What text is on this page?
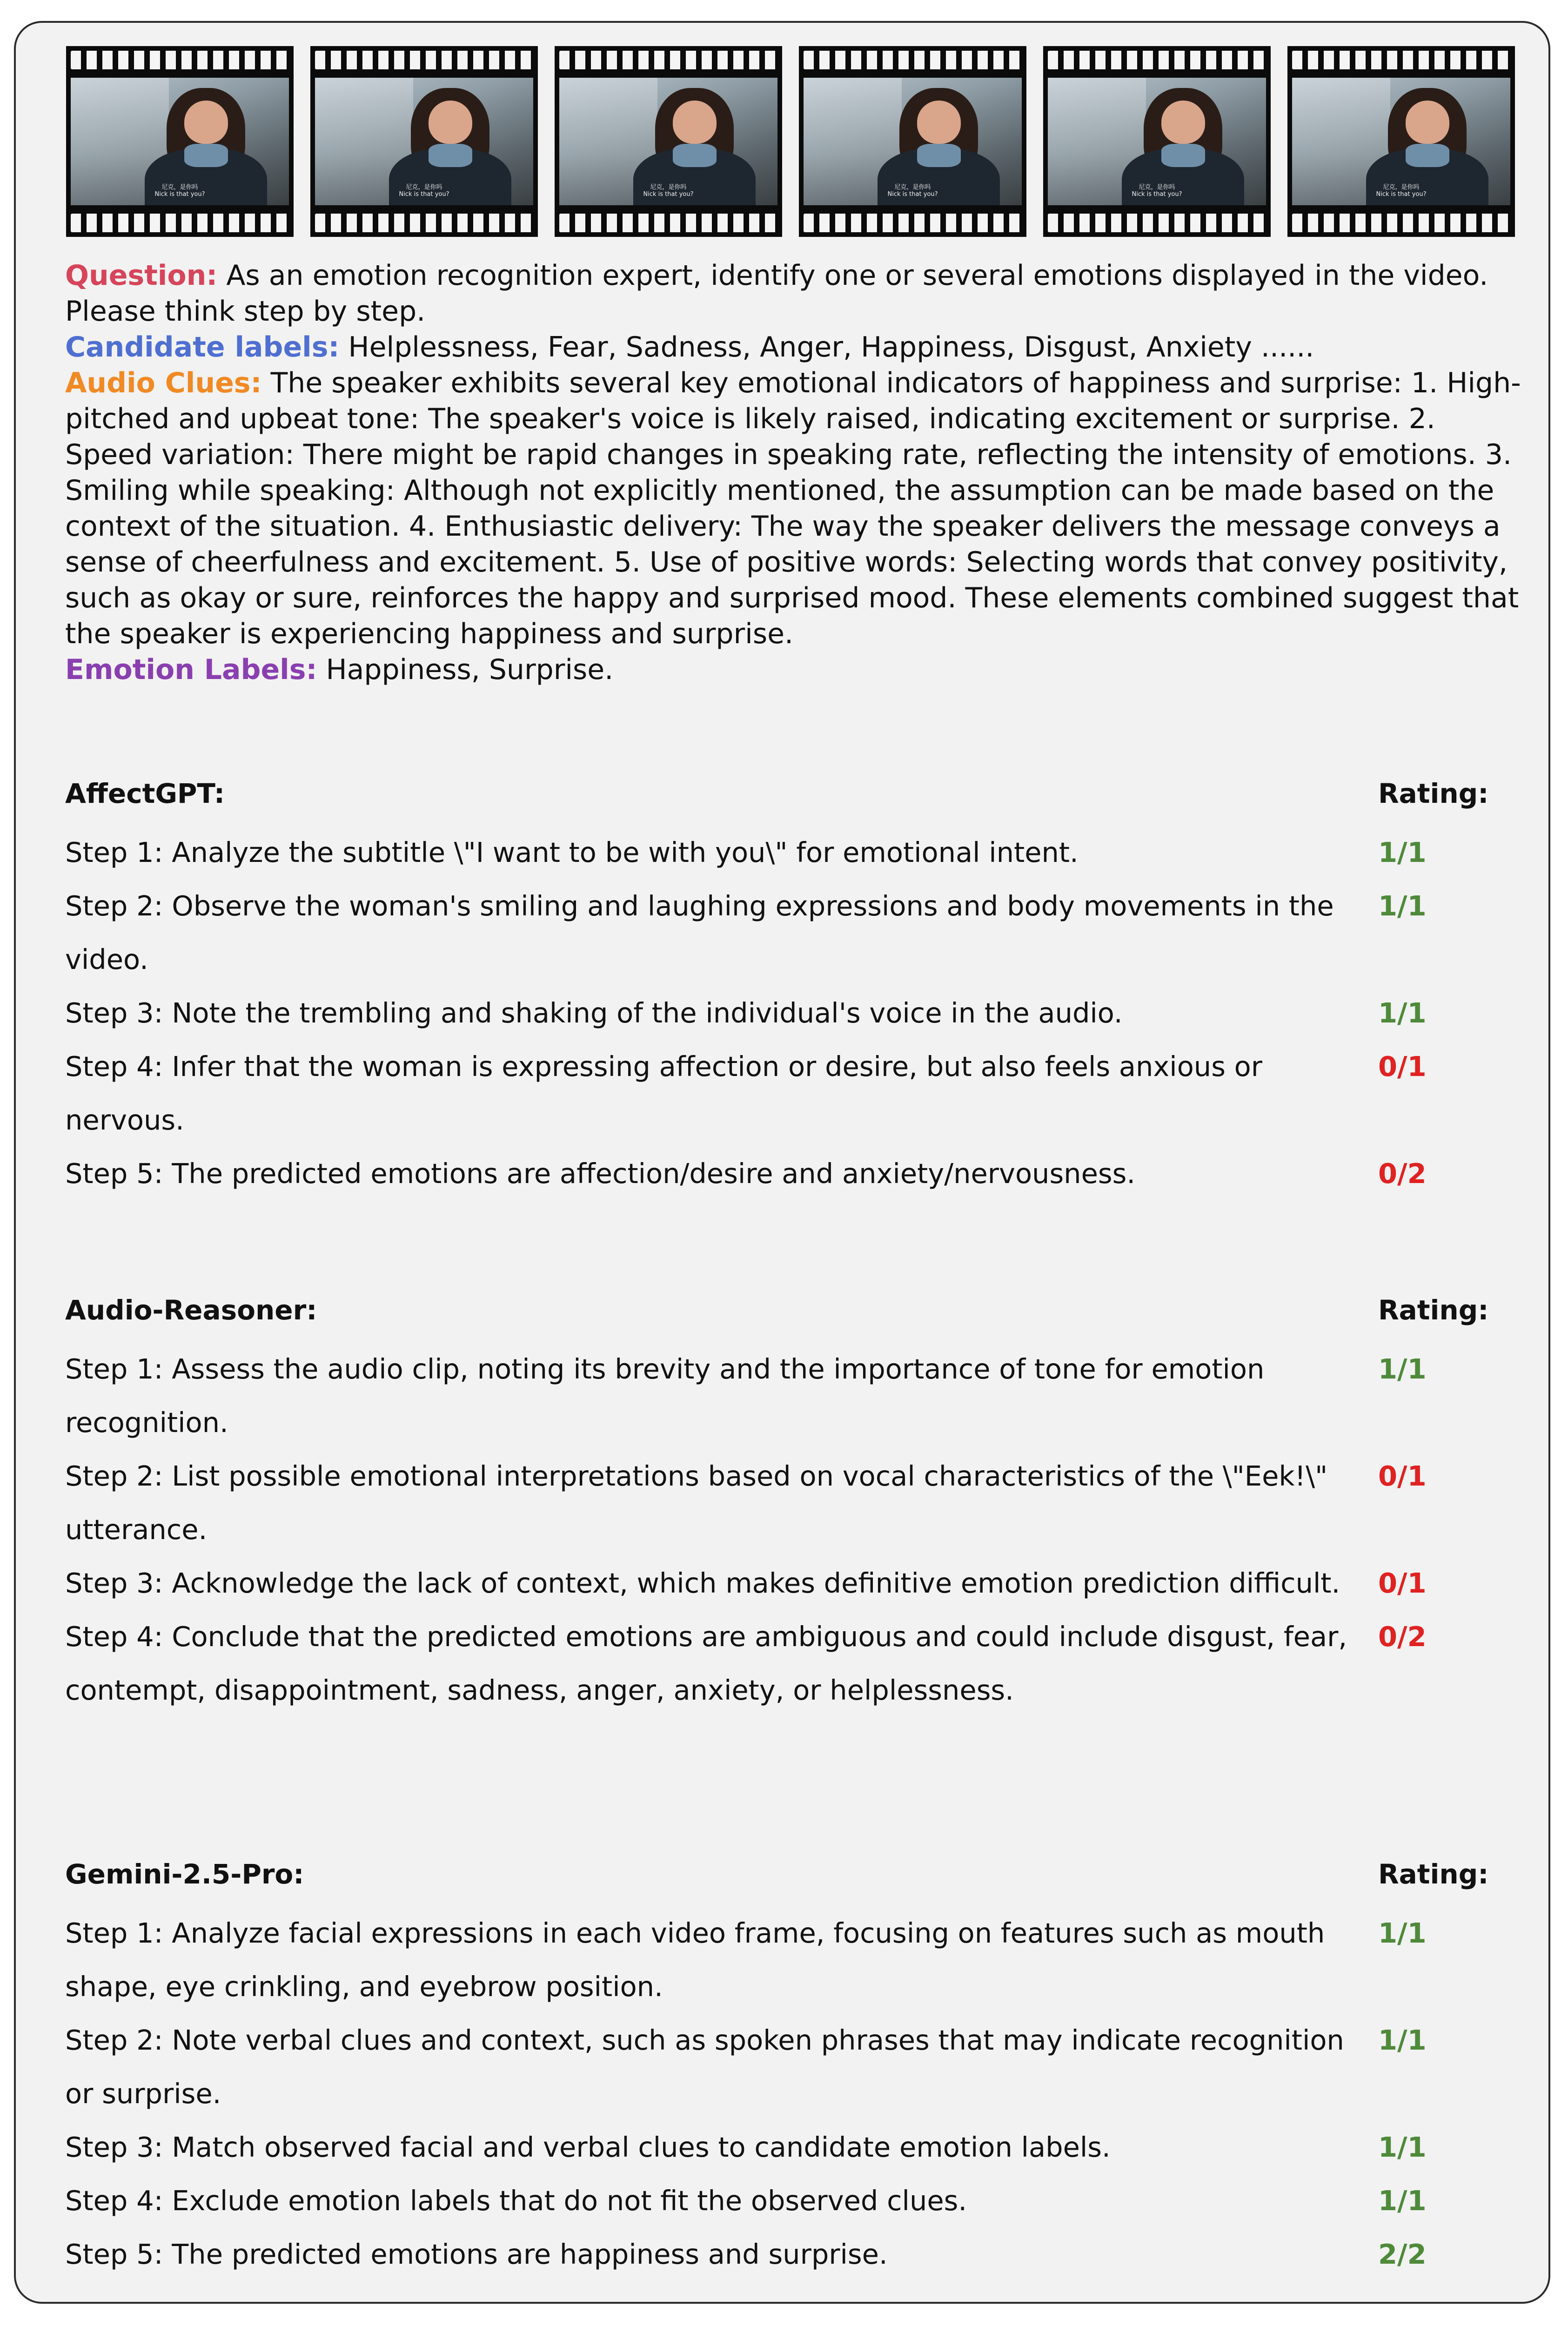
尼克，是你吗
Nick is that you?
尼克，是你吗
Nick is that you?
尼克，是你吗
Nick is that you?
尼克，是你吗
Nick is that you?
尼克，是你吗
Nick is that you?
尼克，是你吗
Nick is that you?

Question: As an emotion recognition expert, identify one or several emotions displayed in the video. Please think step by step.

Candidate labels: Helplessness, Fear, Sadness, Anger, Happiness, Disgust, Anxiety ......

Audio Clues: The speaker exhibits several key emotional indicators of happiness and surprise: 1. High-pitched and upbeat tone: The speaker's voice is likely raised, indicating excitement or surprise. 2. Speed variation: There might be rapid changes in speaking rate, reflecting the intensity of emotions. 3. Smiling while speaking: Although not explicitly mentioned, the assumption can be made based on the context of the situation. 4. Enthusiastic delivery: The way the speaker delivers the message conveys a sense of cheerfulness and excitement. 5. Use of positive words: Selecting words that convey positivity, such as okay or sure, reinforces the happy and surprised mood. These elements combined suggest that the speaker is experiencing happiness and surprise.

Emotion Labels: Happiness, Surprise.

AffectGPT:	Rating:
Step 1: Analyze the subtitle \"I want to be with you\" for emotional intent.	1/1
Step 2: Observe the woman's smiling and laughing expressions and body movements in the video.
1/1
Step 3: Note the trembling and shaking of the individual's voice in the audio.	1/1
Step 4: Infer that the woman is expressing affection or desire, but also feels anxious or nervous.
0/1
Step 5: The predicted emotions are affection/desire and anxiety/nervousness.	0/2
Audio-Reasoner:	Rating:
Step 1: Assess the audio clip, noting its brevity and the importance of tone for emotion recognition.
1/1
Step 2: List possible emotional interpretations based on vocal characteristics of the \"Eek!\" utterance.
0/1
Step 3: Acknowledge the lack of context, which makes definitive emotion prediction difficult.	0/1
Step 4: Conclude that the predicted emotions are ambiguous and could include disgust, fear, contempt, disappointment, sadness, anger, anxiety, or helplessness.
0/2
Gemini-2.5-Pro:	Rating:
Step 1: Analyze facial expressions in each video frame, focusing on features such as mouth shape, eye crinkling, and eyebrow position.
1/1
Step 2: Note verbal clues and context, such as spoken phrases that may indicate recognition or surprise.
1/1
Step 3: Match observed facial and verbal clues to candidate emotion labels.	1/1
Step 4: Exclude emotion labels that do not fit the observed clues.	1/1
Step 5: The predicted emotions are happiness and surprise.	2/2
